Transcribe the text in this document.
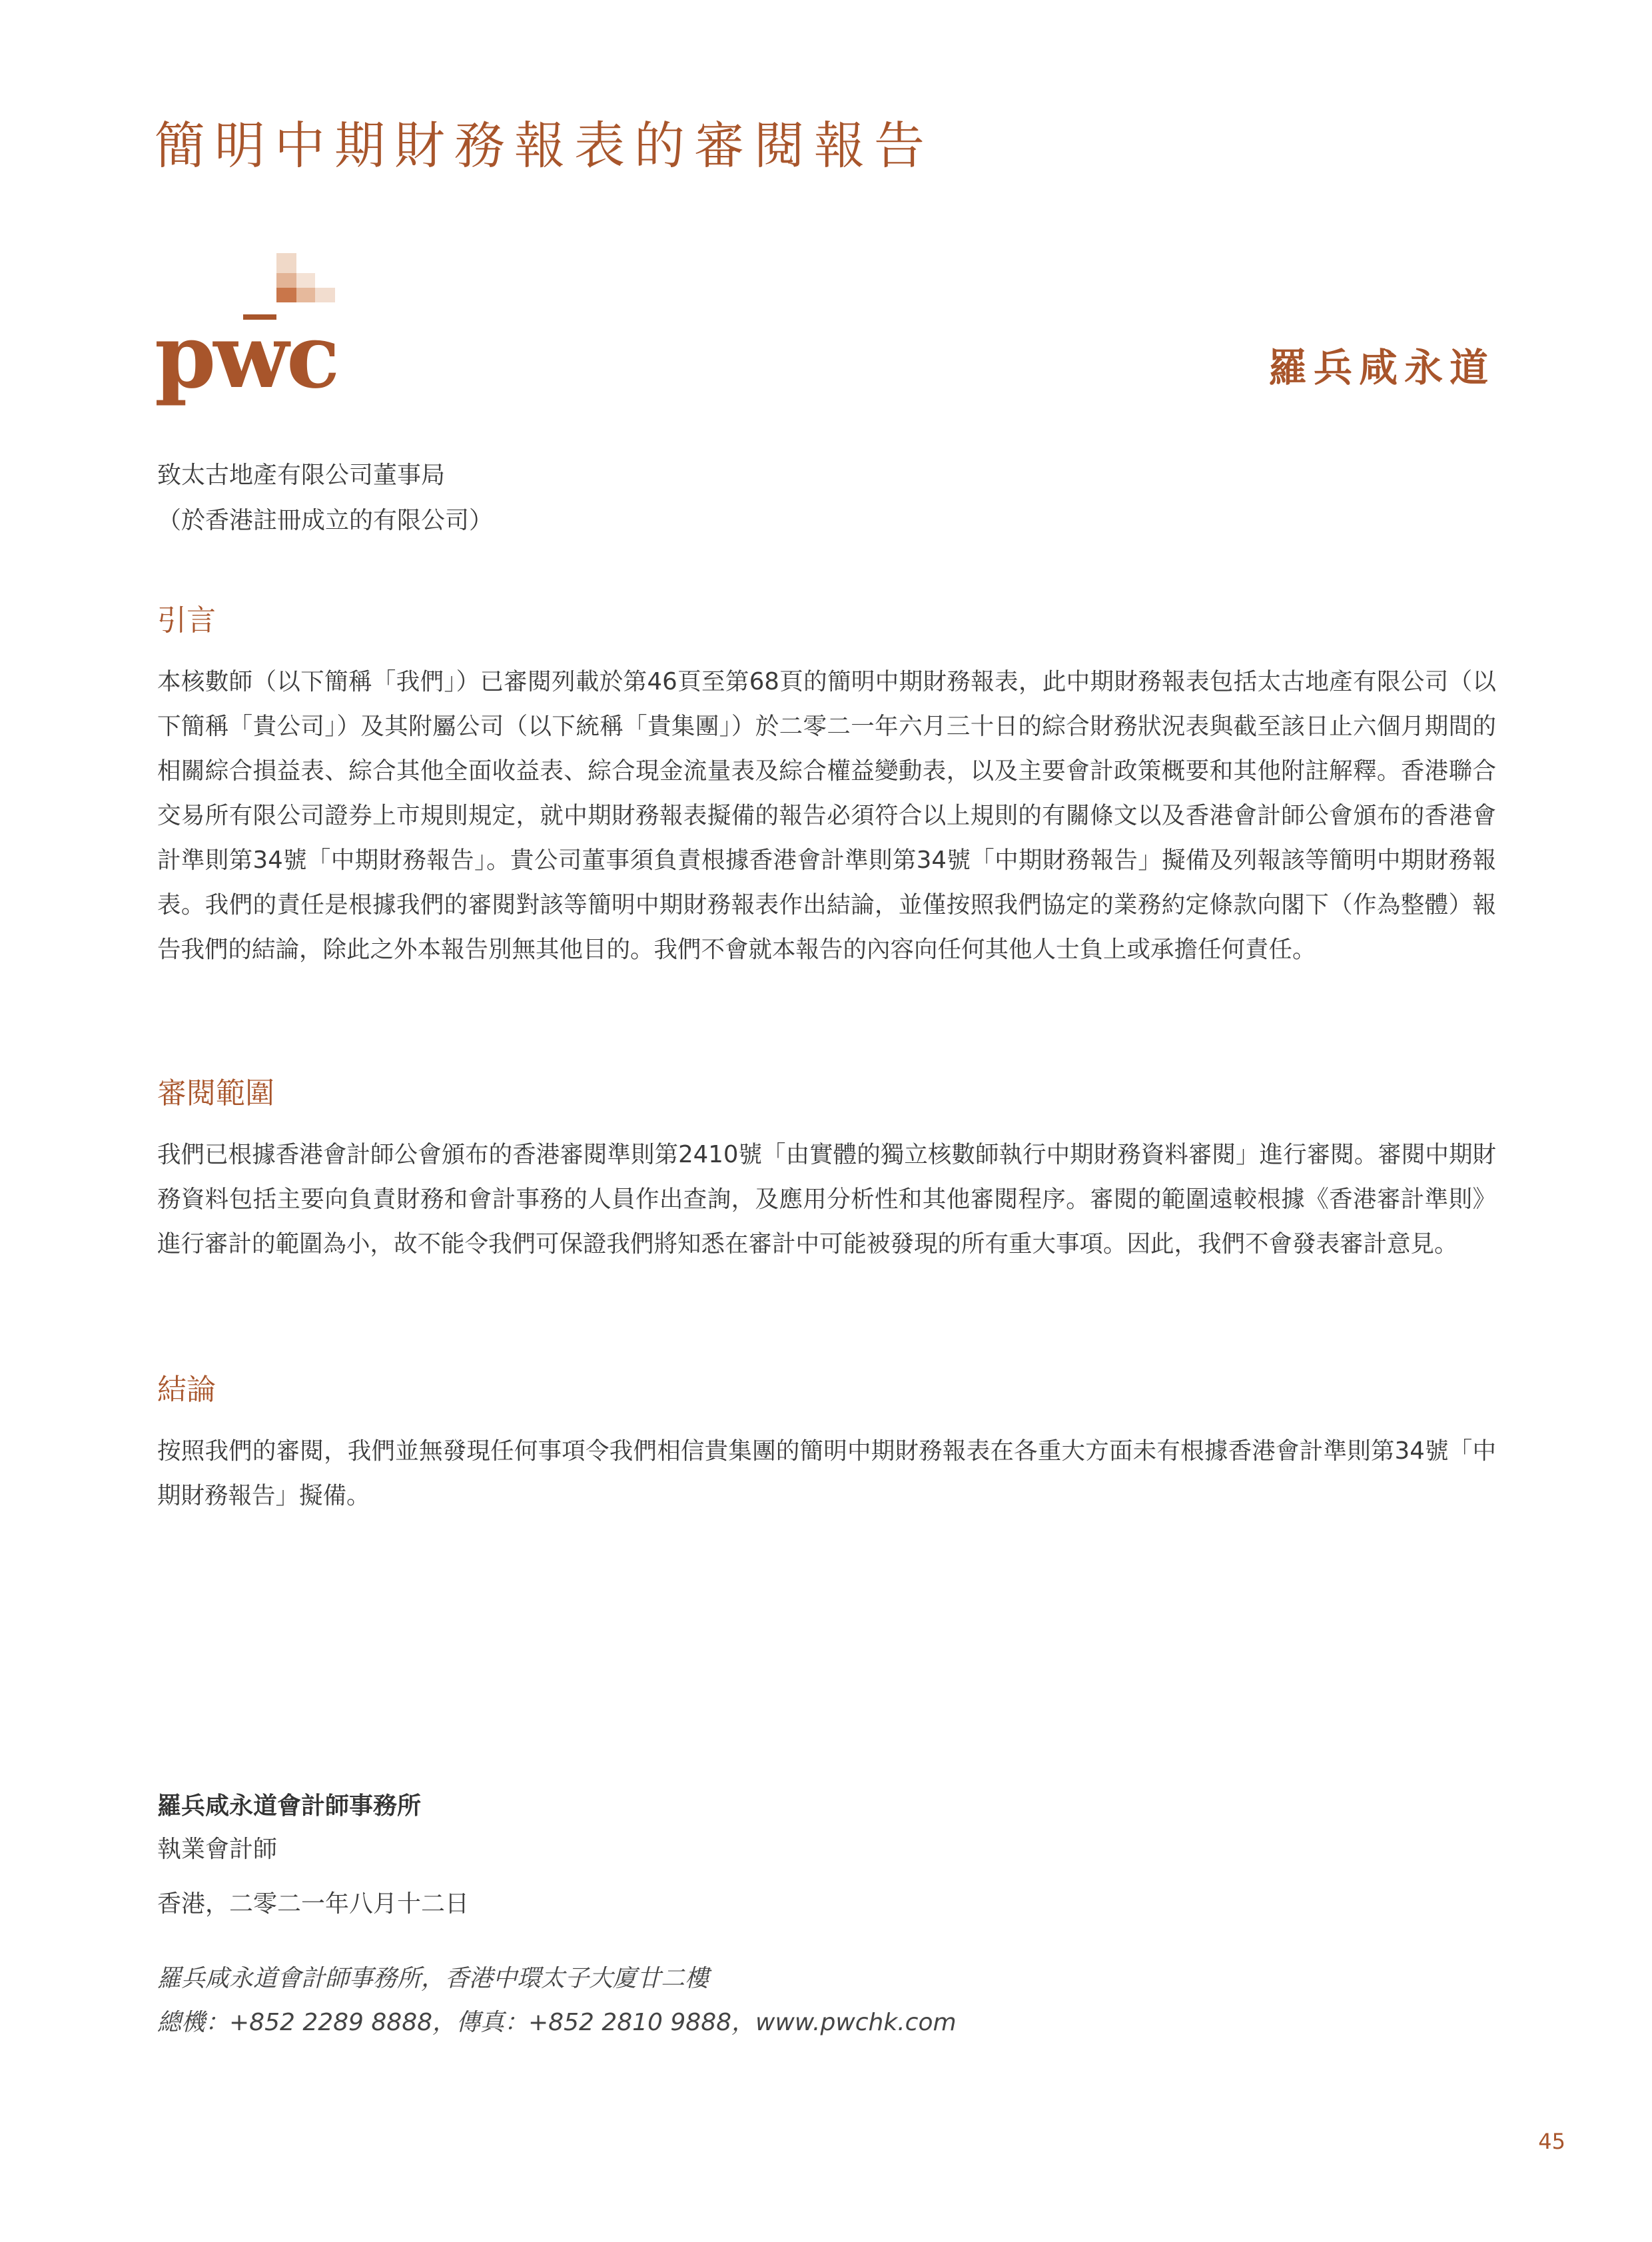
簡明中期財務報表的審閱報告
pwc	羅兵咸永道
致太古地產有限公司董事局
（於香港註冊成立的有限公司）
引言

本核數師（以下簡稱「我們」）已審閱列載於第46頁至第68頁的簡明中期財務報表，此中期財務報表包括太古地產有限公司（以下簡稱「貴公司」）及其附屬公司（以下統稱「貴集團」）於二零二一年六月三十日的綜合財務狀況表與截至該日止六個月期間的相關綜合損益表、綜合其他全面收益表、綜合現金流量表及綜合權益變動表，以及主要會計政策概要和其他附註解釋。香港聯合交易所有限公司證券上市規則規定，就中期財務報表擬備的報告必須符合以上規則的有關條文以及香港會計師公會頒布的香港會計準則第34號「中期財務報告」。貴公司董事須負責根據香港會計準則第34號「中期財務報告」擬備及列報該等簡明中期財務報表。我們的責任是根據我們的審閱對該等簡明中期財務報表作出結論，並僅按照我們協定的業務約定條款向閣下（作為整體）報告我們的結論，除此之外本報告別無其他目的。我們不會就本報告的內容向任何其他人士負上或承擔任何責任。

審閱範圍

我們已根據香港會計師公會頒布的香港審閱準則第2410號「由實體的獨立核數師執行中期財務資料審閱」進行審閱。審閱中期財務資料包括主要向負責財務和會計事務的人員作出查詢，及應用分析性和其他審閱程序。審閱的範圍遠較根據《香港審計準則》進行審計的範圍為小，故不能令我們可保證我們將知悉在審計中可能被發現的所有重大事項。因此，我們不會發表審計意見。

結論

按照我們的審閱，我們並無發現任何事項令我們相信貴集團的簡明中期財務報表在各重大方面未有根據香港會計準則第34號「中期財務報告」擬備。

羅兵咸永道會計師事務所
執業會計師
香港，二零二一年八月十二日
羅兵咸永道會計師事務所，香港中環太子大廈廿二樓
總機：+852 2289 8888，傳真：+852 2810 9888，www.pwchk.com
45
